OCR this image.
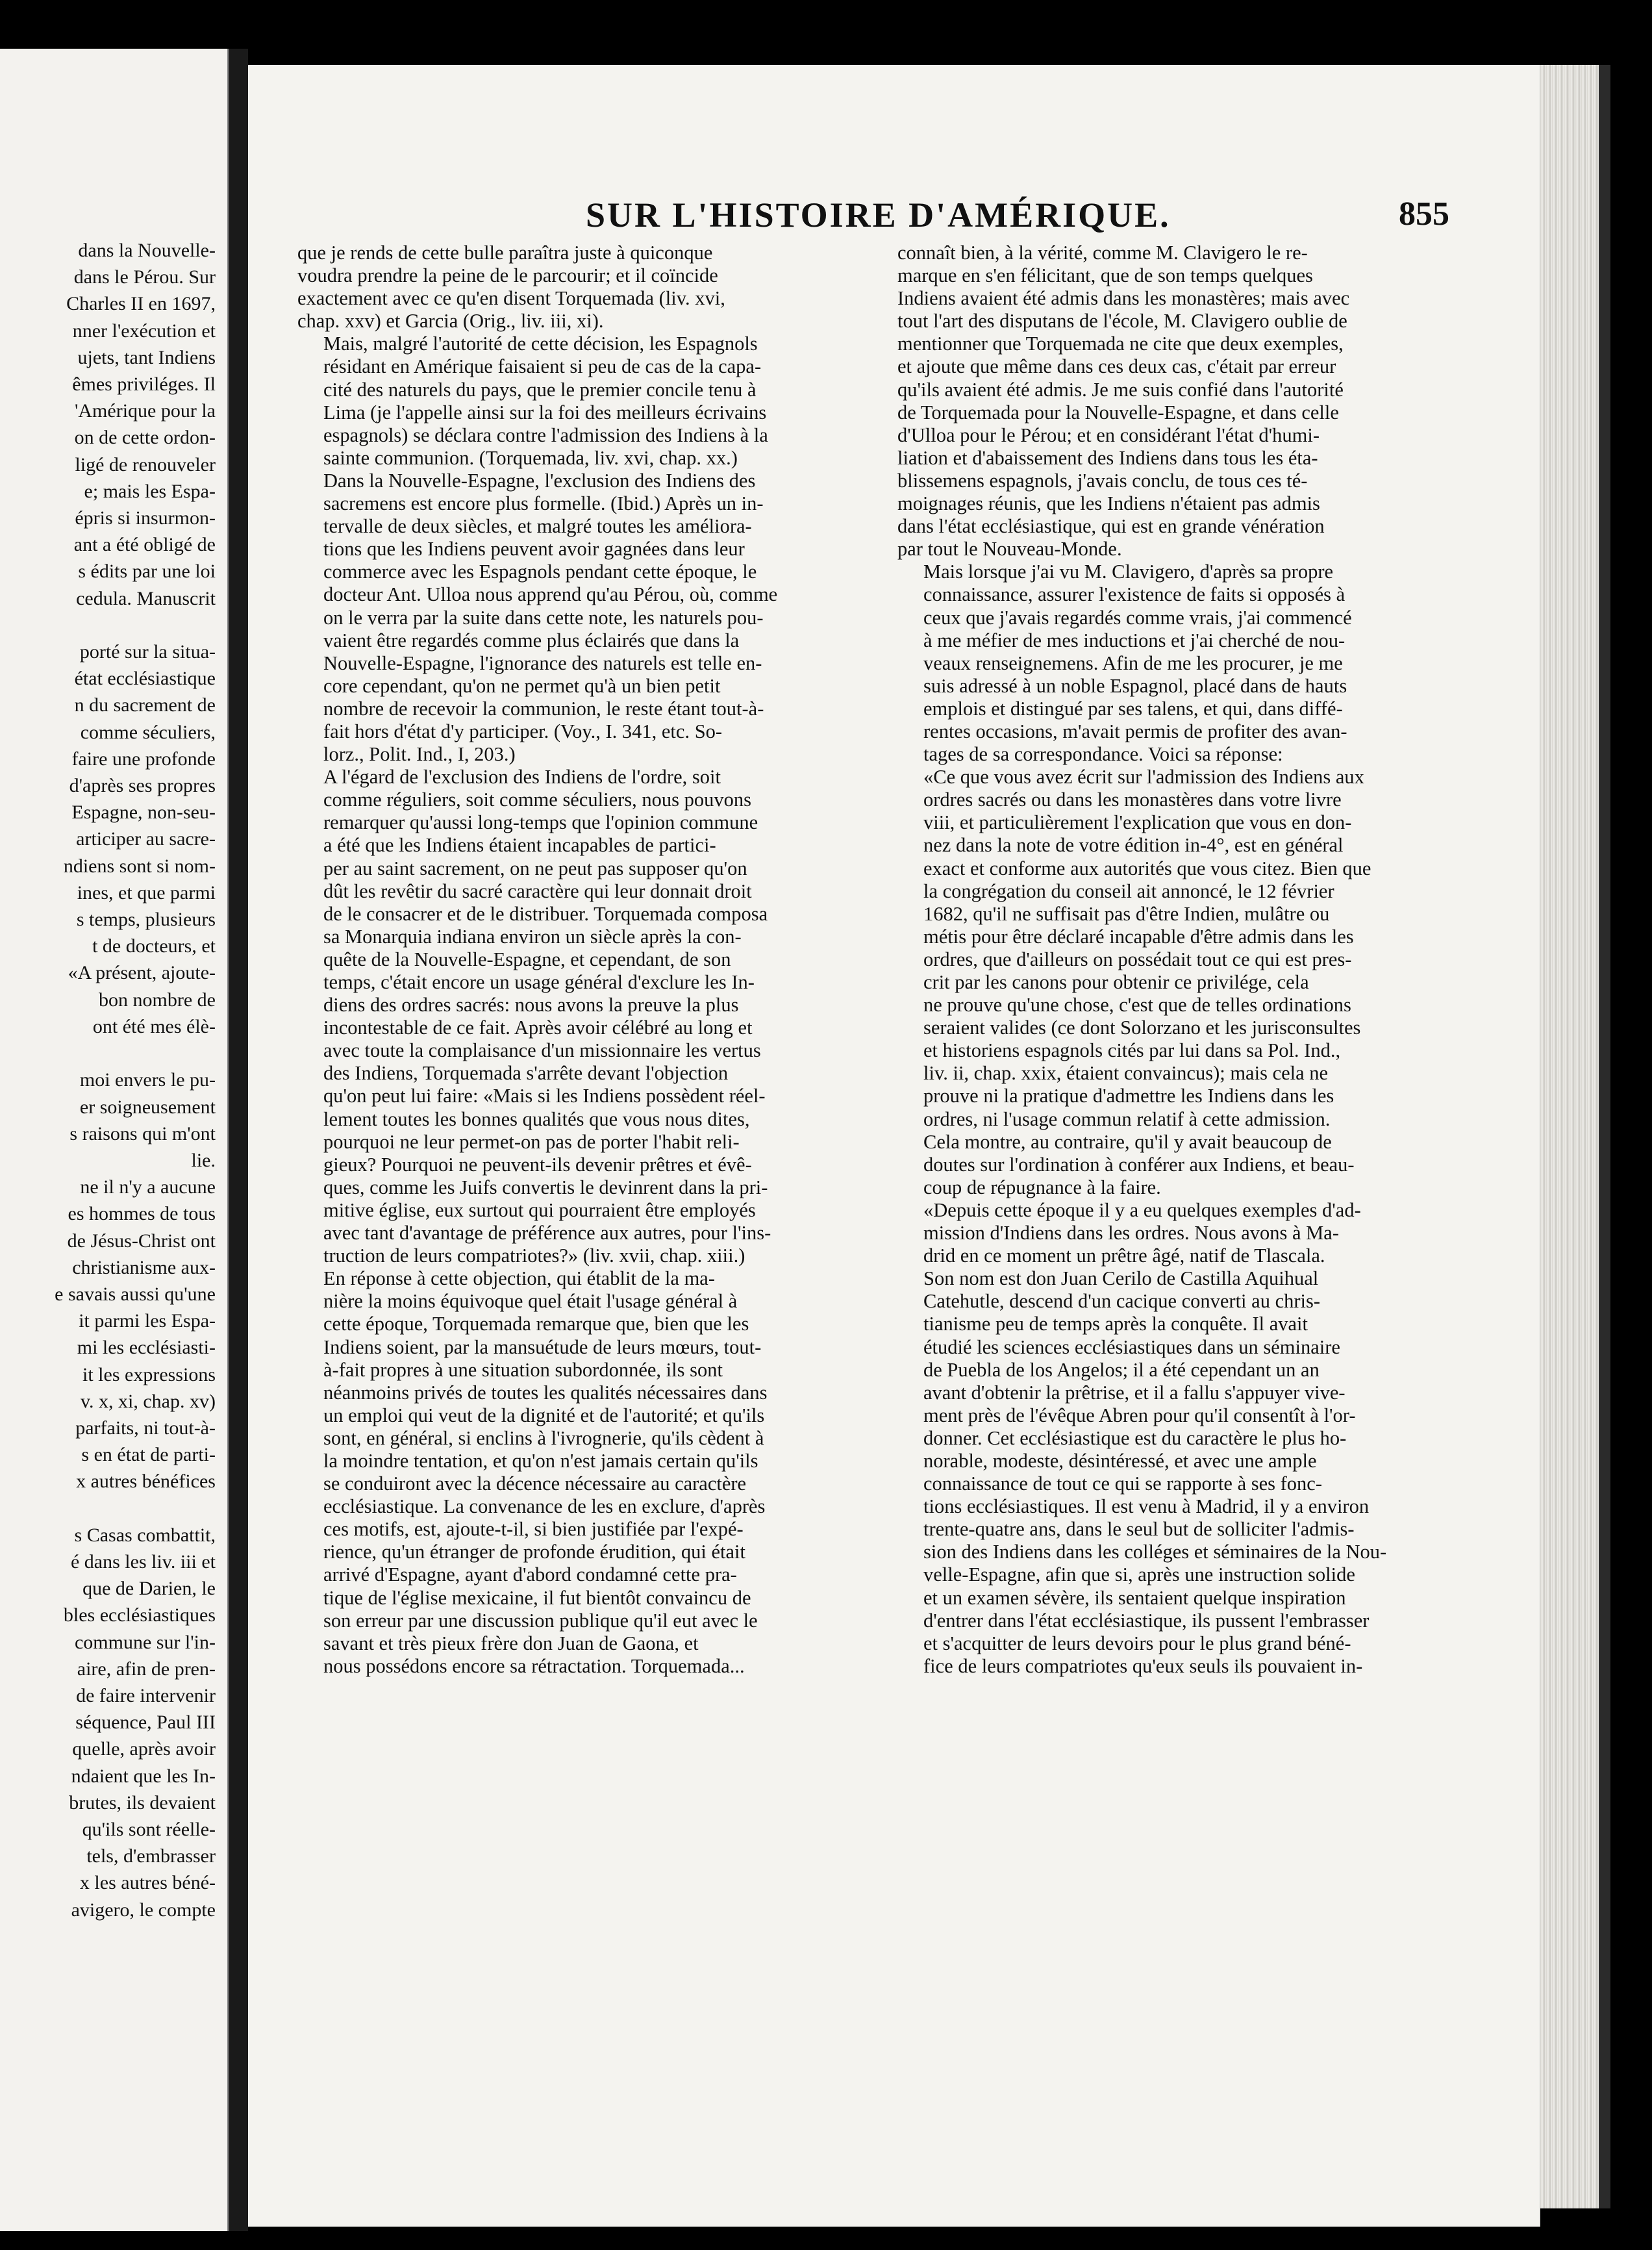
dans la Nouvelle-
dans le Pérou. Sur
Charles II en 1697,
nner l'exécution et
ujets, tant Indiens
êmes priviléges. Il
'Amérique pour la
on de cette ordon-
ligé de renouveler
e; mais les Espa-
épris si insurmon-
ant a été obligé de
s édits par une loi
cedula. Manuscrit

porté sur la situa-
état ecclésiastique
n du sacrement de
comme séculiers,
faire une profonde
d'après ses propres
Espagne, non-seu-
articiper au sacre-
ndiens sont si nom-
ines, et que parmi
s temps, plusieurs
t de docteurs, et
«A présent, ajoute-
bon nombre de
ont été mes élè-

moi envers le pu-
er soigneusement
s raisons qui m'ont
lie.
ne il n'y a aucune
es hommes de tous
de Jésus-Christ ont
christianisme aux-
e savais aussi qu'une
it parmi les Espa-
mi les ecclésiasti-
it les expressions
v. x, xi, chap. xv)
parfaits, ni tout-à-
s en état de parti-
x autres bénéfices

s Casas combattit,
é dans les liv. iii et
que de Darien, le
bles ecclésiastiques
commune sur l'in-
aire, afin de pren-
de faire intervenir
séquence, Paul III
quelle, après avoir
ndaient que les In-
brutes, ils devaient
qu'ils sont réelle-
tels, d'embrasser
x les autres béné-
avigero, le compte
SUR L'HISTOIRE D'AMÉRIQUE.	855

que je rends de cette bulle paraîtra juste à quiconque
voudra prendre la peine de le parcourir; et il coïncide
exactement avec ce qu'en disent Torquemada (liv. xvi,
chap. xxv) et Garcia (Orig., liv. iii, xi).

Mais, malgré l'autorité de cette décision, les Espagnols
résidant en Amérique faisaient si peu de cas de la capa-
cité des naturels du pays, que le premier concile tenu à
Lima (je l'appelle ainsi sur la foi des meilleurs écrivains
espagnols) se déclara contre l'admission des Indiens à la
sainte communion. (Torquemada, liv. xvi, chap. xx.)

Dans la Nouvelle-Espagne, l'exclusion des Indiens des
sacremens est encore plus formelle. (Ibid.) Après un in-
tervalle de deux siècles, et malgré toutes les améliora-
tions que les Indiens peuvent avoir gagnées dans leur
commerce avec les Espagnols pendant cette époque, le
docteur Ant. Ulloa nous apprend qu'au Pérou, où, comme
on le verra par la suite dans cette note, les naturels pou-
vaient être regardés comme plus éclairés que dans la
Nouvelle-Espagne, l'ignorance des naturels est telle en-
core cependant, qu'on ne permet qu'à un bien petit
nombre de recevoir la communion, le reste étant tout-à-
fait hors d'état d'y participer. (Voy., I. 341, etc. So-
lorz., Polit. Ind., I, 203.)

A l'égard de l'exclusion des Indiens de l'ordre, soit
comme réguliers, soit comme séculiers, nous pouvons
remarquer qu'aussi long-temps que l'opinion commune
a été que les Indiens étaient incapables de partici-
per au saint sacrement, on ne peut pas supposer qu'on
dût les revêtir du sacré caractère qui leur donnait droit
de le consacrer et de le distribuer. Torquemada composa
sa Monarquia indiana environ un siècle après la con-
quête de la Nouvelle-Espagne, et cependant, de son
temps, c'était encore un usage général d'exclure les In-
diens des ordres sacrés: nous avons la preuve la plus
incontestable de ce fait. Après avoir célébré au long et
avec toute la complaisance d'un missionnaire les vertus
des Indiens, Torquemada s'arrête devant l'objection
qu'on peut lui faire: «Mais si les Indiens possèdent réel-
lement toutes les bonnes qualités que vous nous dites,
pourquoi ne leur permet-on pas de porter l'habit reli-
gieux? Pourquoi ne peuvent-ils devenir prêtres et évê-
ques, comme les Juifs convertis le devinrent dans la pri-
mitive église, eux surtout qui pourraient être employés
avec tant d'avantage de préférence aux autres, pour l'ins-
truction de leurs compatriotes?» (liv. xvii, chap. xiii.)

En réponse à cette objection, qui établit de la ma-
nière la moins équivoque quel était l'usage général à
cette époque, Torquemada remarque que, bien que les
Indiens soient, par la mansuétude de leurs mœurs, tout-
à-fait propres à une situation subordonnée, ils sont
néanmoins privés de toutes les qualités nécessaires dans
un emploi qui veut de la dignité et de l'autorité; et qu'ils
sont, en général, si enclins à l'ivrognerie, qu'ils cèdent à
la moindre tentation, et qu'on n'est jamais certain qu'ils
se conduiront avec la décence nécessaire au caractère
ecclésiastique. La convenance de les en exclure, d'après
ces motifs, est, ajoute-t-il, si bien justifiée par l'expé-
rience, qu'un étranger de profonde érudition, qui était
arrivé d'Espagne, ayant d'abord condamné cette pra-
tique de l'église mexicaine, il fut bientôt convaincu de
son erreur par une discussion publique qu'il eut avec le
savant et très pieux frère don Juan de Gaona, et
nous possédons encore sa rétractation. Torquemada...

connaît bien, à la vérité, comme M. Clavigero le re-
marque en s'en félicitant, que de son temps quelques
Indiens avaient été admis dans les monastères; mais avec
tout l'art des disputans de l'école, M. Clavigero oublie de
mentionner que Torquemada ne cite que deux exemples,
et ajoute que même dans ces deux cas, c'était par erreur
qu'ils avaient été admis. Je me suis confié dans l'autorité
de Torquemada pour la Nouvelle-Espagne, et dans celle
d'Ulloa pour le Pérou; et en considérant l'état d'humi-
liation et d'abaissement des Indiens dans tous les éta-
blissemens espagnols, j'avais conclu, de tous ces té-
moignages réunis, que les Indiens n'étaient pas admis
dans l'état ecclésiastique, qui est en grande vénération
par tout le Nouveau-Monde.

Mais lorsque j'ai vu M. Clavigero, d'après sa propre
connaissance, assurer l'existence de faits si opposés à
ceux que j'avais regardés comme vrais, j'ai commencé
à me méfier de mes inductions et j'ai cherché de nou-
veaux renseignemens. Afin de me les procurer, je me
suis adressé à un noble Espagnol, placé dans de hauts
emplois et distingué par ses talens, et qui, dans diffé-
rentes occasions, m'avait permis de profiter des avan-
tages de sa correspondance. Voici sa réponse:

«Ce que vous avez écrit sur l'admission des Indiens aux
ordres sacrés ou dans les monastères dans votre livre
viii, et particulièrement l'explication que vous en don-
nez dans la note de votre édition in-4°, est en général
exact et conforme aux autorités que vous citez. Bien que
la congrégation du conseil ait annoncé, le 12 février
1682, qu'il ne suffisait pas d'être Indien, mulâtre ou
métis pour être déclaré incapable d'être admis dans les
ordres, que d'ailleurs on possédait tout ce qui est pres-
crit par les canons pour obtenir ce privilége, cela
ne prouve qu'une chose, c'est que de telles ordinations
seraient valides (ce dont Solorzano et les jurisconsultes
et historiens espagnols cités par lui dans sa Pol. Ind.,
liv. ii, chap. xxix, étaient convaincus); mais cela ne
prouve ni la pratique d'admettre les Indiens dans les
ordres, ni l'usage commun relatif à cette admission.
Cela montre, au contraire, qu'il y avait beaucoup de
doutes sur l'ordination à conférer aux Indiens, et beau-
coup de répugnance à la faire.

«Depuis cette époque il y a eu quelques exemples d'ad-
mission d'Indiens dans les ordres. Nous avons à Ma-
drid en ce moment un prêtre âgé, natif de Tlascala.
Son nom est don Juan Cerilo de Castilla Aquihual
Catehutle, descend d'un cacique converti au chris-
tianisme peu de temps après la conquête. Il avait
étudié les sciences ecclésiastiques dans un séminaire
de Puebla de los Angelos; il a été cependant un an
avant d'obtenir la prêtrise, et il a fallu s'appuyer vive-
ment près de l'évêque Abren pour qu'il consentît à l'or-
donner. Cet ecclésiastique est du caractère le plus ho-
norable, modeste, désintéressé, et avec une ample
connaissance de tout ce qui se rapporte à ses fonc-
tions ecclésiastiques. Il est venu à Madrid, il y a environ
trente-quatre ans, dans le seul but de solliciter l'admis-
sion des Indiens dans les colléges et séminaires de la Nou-
velle-Espagne, afin que si, après une instruction solide
et un examen sévère, ils sentaient quelque inspiration
d'entrer dans l'état ecclésiastique, ils pussent l'embrasser
et s'acquitter de leurs devoirs pour le plus grand béné-
fice de leurs compatriotes qu'eux seuls ils pouvaient in-
